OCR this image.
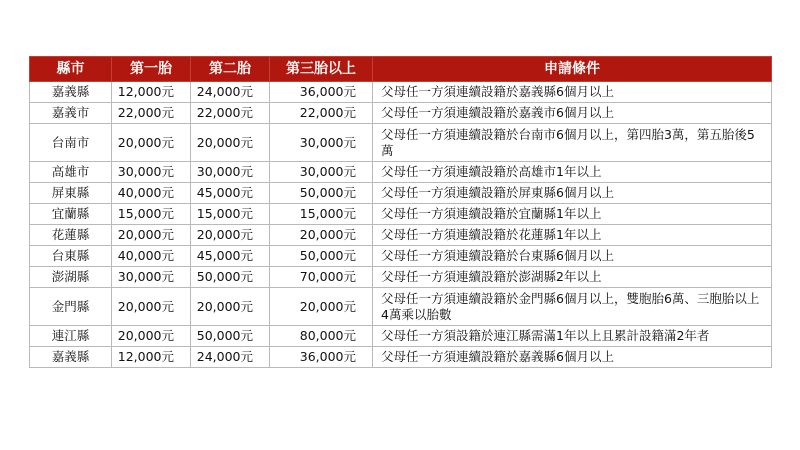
縣市	第一胎	第二胎	第三胎以上	申請條件
嘉義縣	12,000元	24,000元	36,000元	父母任一方須連續設籍於嘉義縣6個月以上
嘉義市	22,000元	22,000元	22,000元	父母任一方須連續設籍於嘉義市6個月以上
台南市	20,000元	20,000元	30,000元	父母任一方須連續設籍於台南市6個月以上，第四胎3萬，第五胎後5萬
高雄市	30,000元	30,000元	30,000元	父母任一方須連續設籍於高雄市1年以上
屏東縣	40,000元	45,000元	50,000元	父母任一方須連續設籍於屏東縣6個月以上
宜蘭縣	15,000元	15,000元	15,000元	父母任一方須連續設籍於宜蘭縣1年以上
花蓮縣	20,000元	20,000元	20,000元	父母任一方須連續設籍於花蓮縣1年以上
台東縣	40,000元	45,000元	50,000元	父母任一方須連續設籍於台東縣6個月以上
澎湖縣	30,000元	50,000元	70,000元	父母任一方須連續設籍於澎湖縣2年以上
金門縣	20,000元	20,000元	20,000元	父母任一方須連續設籍於金門縣6個月以上，雙胞胎6萬、三胞胎以上4萬乘以胎數
連江縣	20,000元	50,000元	80,000元	父母任一方須設籍於連江縣需滿1年以上且累計設籍滿2年者
嘉義縣	12,000元	24,000元	36,000元	父母任一方須連續設籍於嘉義縣6個月以上
